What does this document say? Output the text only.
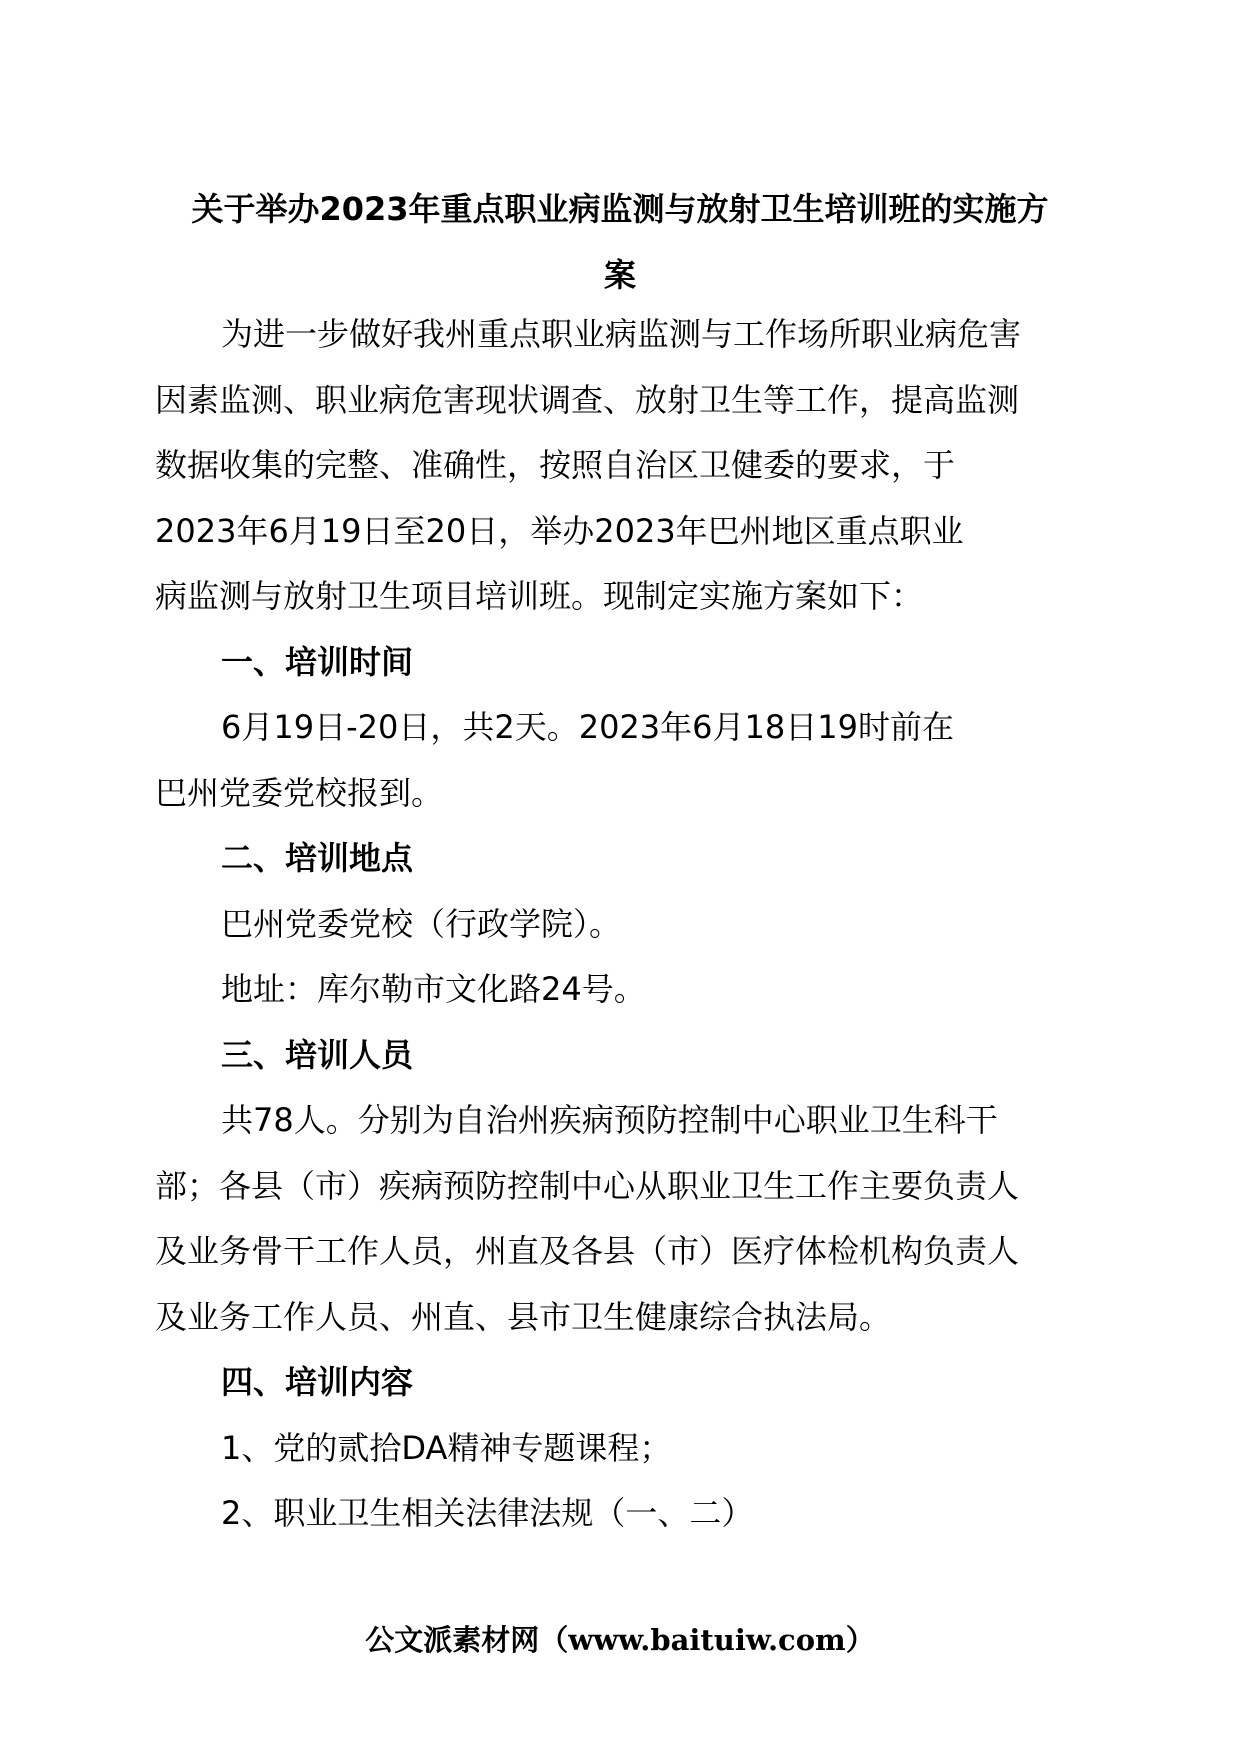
关于举办2023年重点职业病监测与放射卫生培训班的实施方
案
为进一步做好我州重点职业病监测与工作场所职业病危害
因素监测、职业病危害现状调查、放射卫生等工作，提高监测
数据收集的完整、准确性，按照自治区卫健委的要求，于
2023年6月19日至20日，举办2023年巴州地区重点职业
病监测与放射卫生项目培训班。现制定实施方案如下：
一、培训时间
6月19日-20日，共2天。2023年6月18日19时前在
巴州党委党校报到。
二、培训地点
巴州党委党校（行政学院）。
地址：库尔勒市文化路24号。
三、培训人员
共78人。分别为自治州疾病预防控制中心职业卫生科干
部；各县（市）疾病预防控制中心从职业卫生工作主要负责人
及业务骨干工作人员，州直及各县（市）医疗体检机构负责人
及业务工作人员、州直、县市卫生健康综合执法局。
四、培训内容
1、党的贰拾DA精神专题课程；
2、职业卫生相关法律法规（一、二）
公文派素材网（www.baituiw.com）
